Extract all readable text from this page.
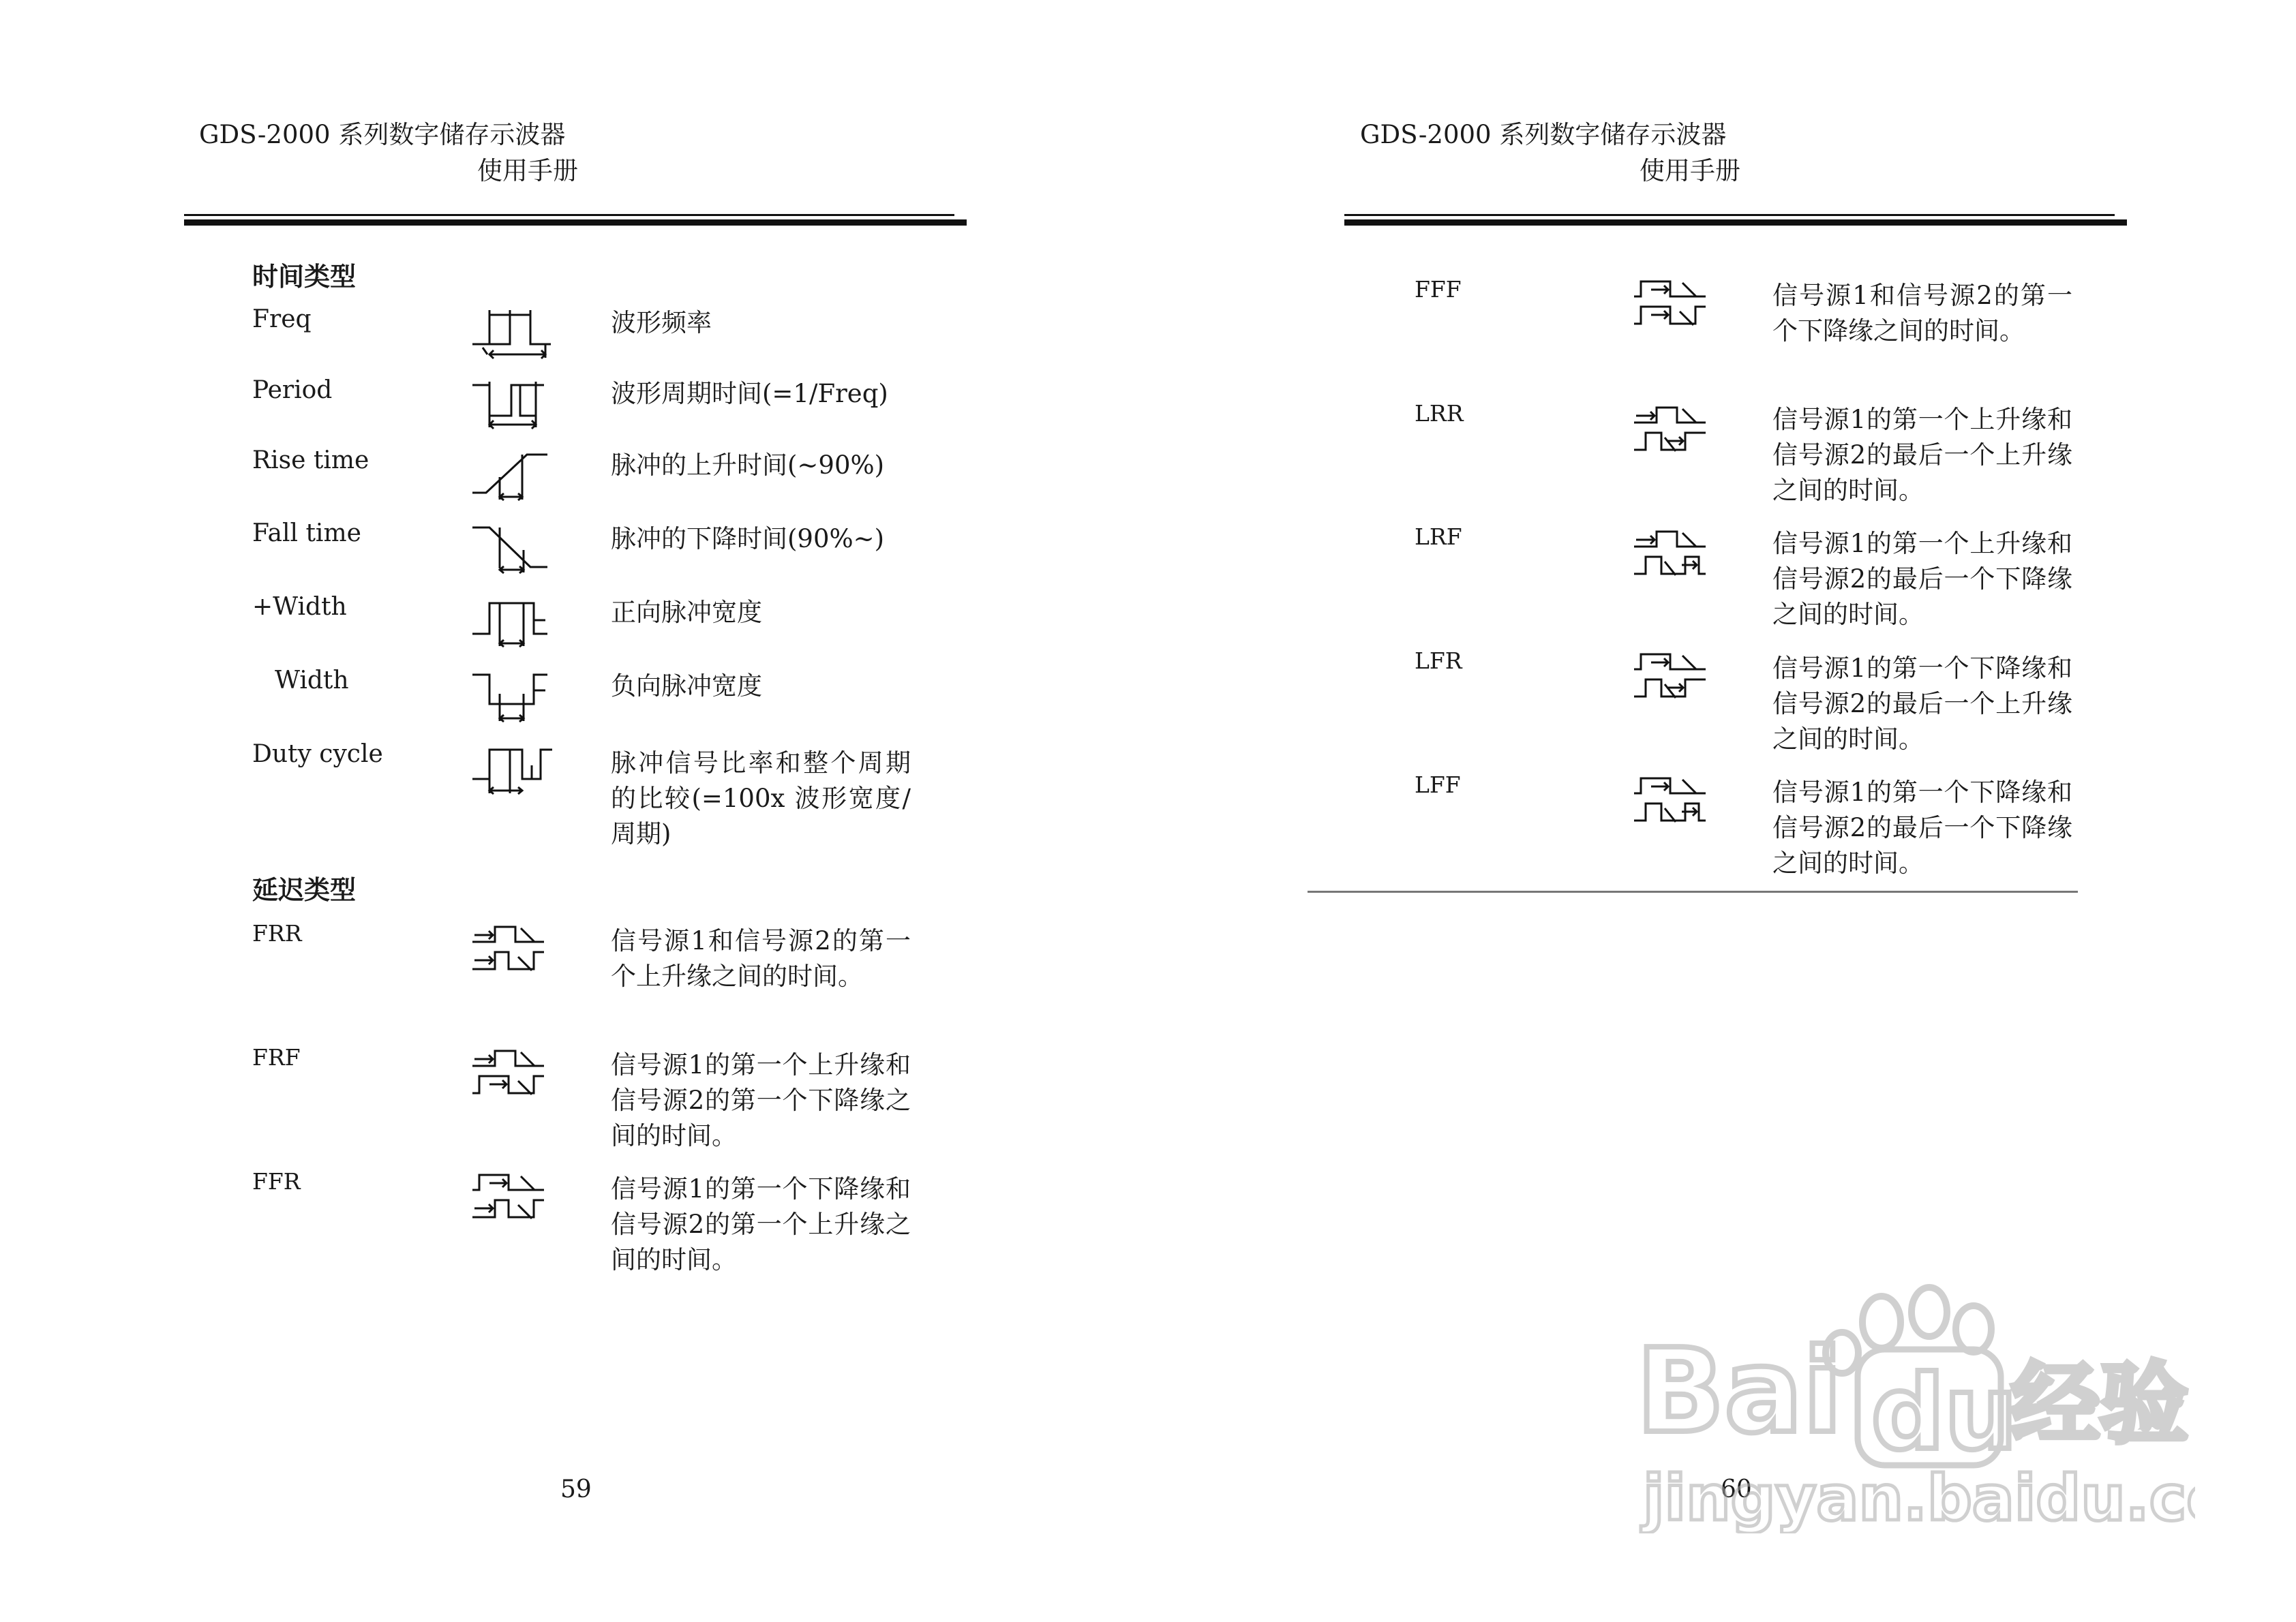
GDS-2000 系列数字储存示波器
使用手册
时间类型
Freq	波形频率
Period	波形周期时间(=1/Freq)
Rise time	脉冲的上升时间(~90%)
Fall time	脉冲的下降时间(90%~)
+Width	正向脉冲宽度
Width	负向脉冲宽度
Duty cycle	脉冲信号比率和整个周期的比较(=100x 波形宽度/周期)
延迟类型
FRR	信号源1和信号源2的第一个上升缘之间的时间。
FRF	信号源1的第一个上升缘和信号源2的第一个下降缘之间的时间。
FFR	信号源1的第一个下降缘和信号源2的第一个上升缘之间的时间。
59
GDS-2000 系列数字储存示波器
使用手册
FFF	信号源1和信号源2的第一个下降缘之间的时间。
LRR	信号源1的第一个上升缘和信号源2的最后一个上升缘之间的时间。
LRF	信号源1的第一个上升缘和信号源2的最后一个下降缘之间的时间。
LFR	信号源1的第一个下降缘和信号源2的最后一个上升缘之间的时间。
LFF	信号源1的第一个下降缘和信号源2的最后一个下降缘之间的时间。
60
Bai du
经验
jingyan.baidu.c
